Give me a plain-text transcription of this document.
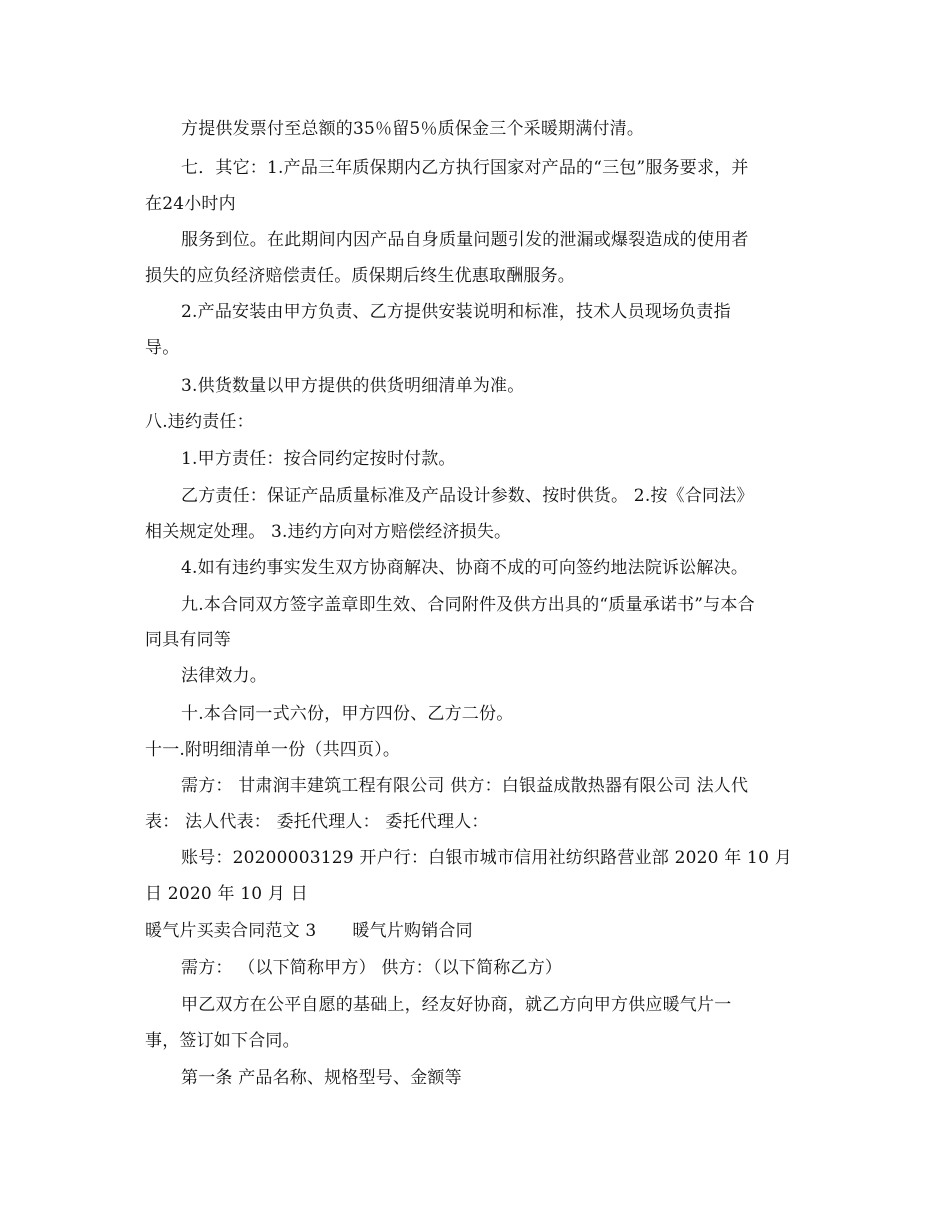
方提供发票付至总额的35％留5％质保金三个采暖期满付清。
七．其它：1.产品三年质保期内乙方执行国家对产品的“三包”服务要求，并
在24小时内
服务到位。在此期间内因产品自身质量问题引发的泄漏或爆裂造成的使用者
损失的应负经济赔偿责任。质保期后终生优惠取酬服务。
2.产品安装由甲方负责、乙方提供安装说明和标准，技术人员现场负责指
导。
3.供货数量以甲方提供的供货明细清单为准。
八.违约责任：
1.甲方责任：按合同约定按时付款。
乙方责任：保证产品质量标准及产品设计参数、按时供货。 2.按《合同法》
相关规定处理。 3.违约方向对方赔偿经济损失。
4.如有违约事实发生双方协商解决、协商不成的可向签约地法院诉讼解决。
九.本合同双方签字盖章即生效、合同附件及供方出具的“质量承诺书”与本合
同具有同等
法律效力。
十.本合同一式六份，甲方四份、乙方二份。
十一.附明细清单一份（共四页）。
需方： 甘肃润丰建筑工程有限公司 供方：白银益成散热器有限公司 法人代
表： 法人代表： 委托代理人： 委托代理人：
账号：20200003129 开户行：白银市城市信用社纺织路营业部 2020 年 10 月
日 2020 年 10 月 日
暖气片买卖合同范文 3 暖气片购销合同
需方： （以下简称甲方） 供方：（以下简称乙方）
甲乙双方在公平自愿的基础上，经友好协商，就乙方向甲方供应暖气片一
事，签订如下合同。
第一条 产品名称、规格型号、金额等
